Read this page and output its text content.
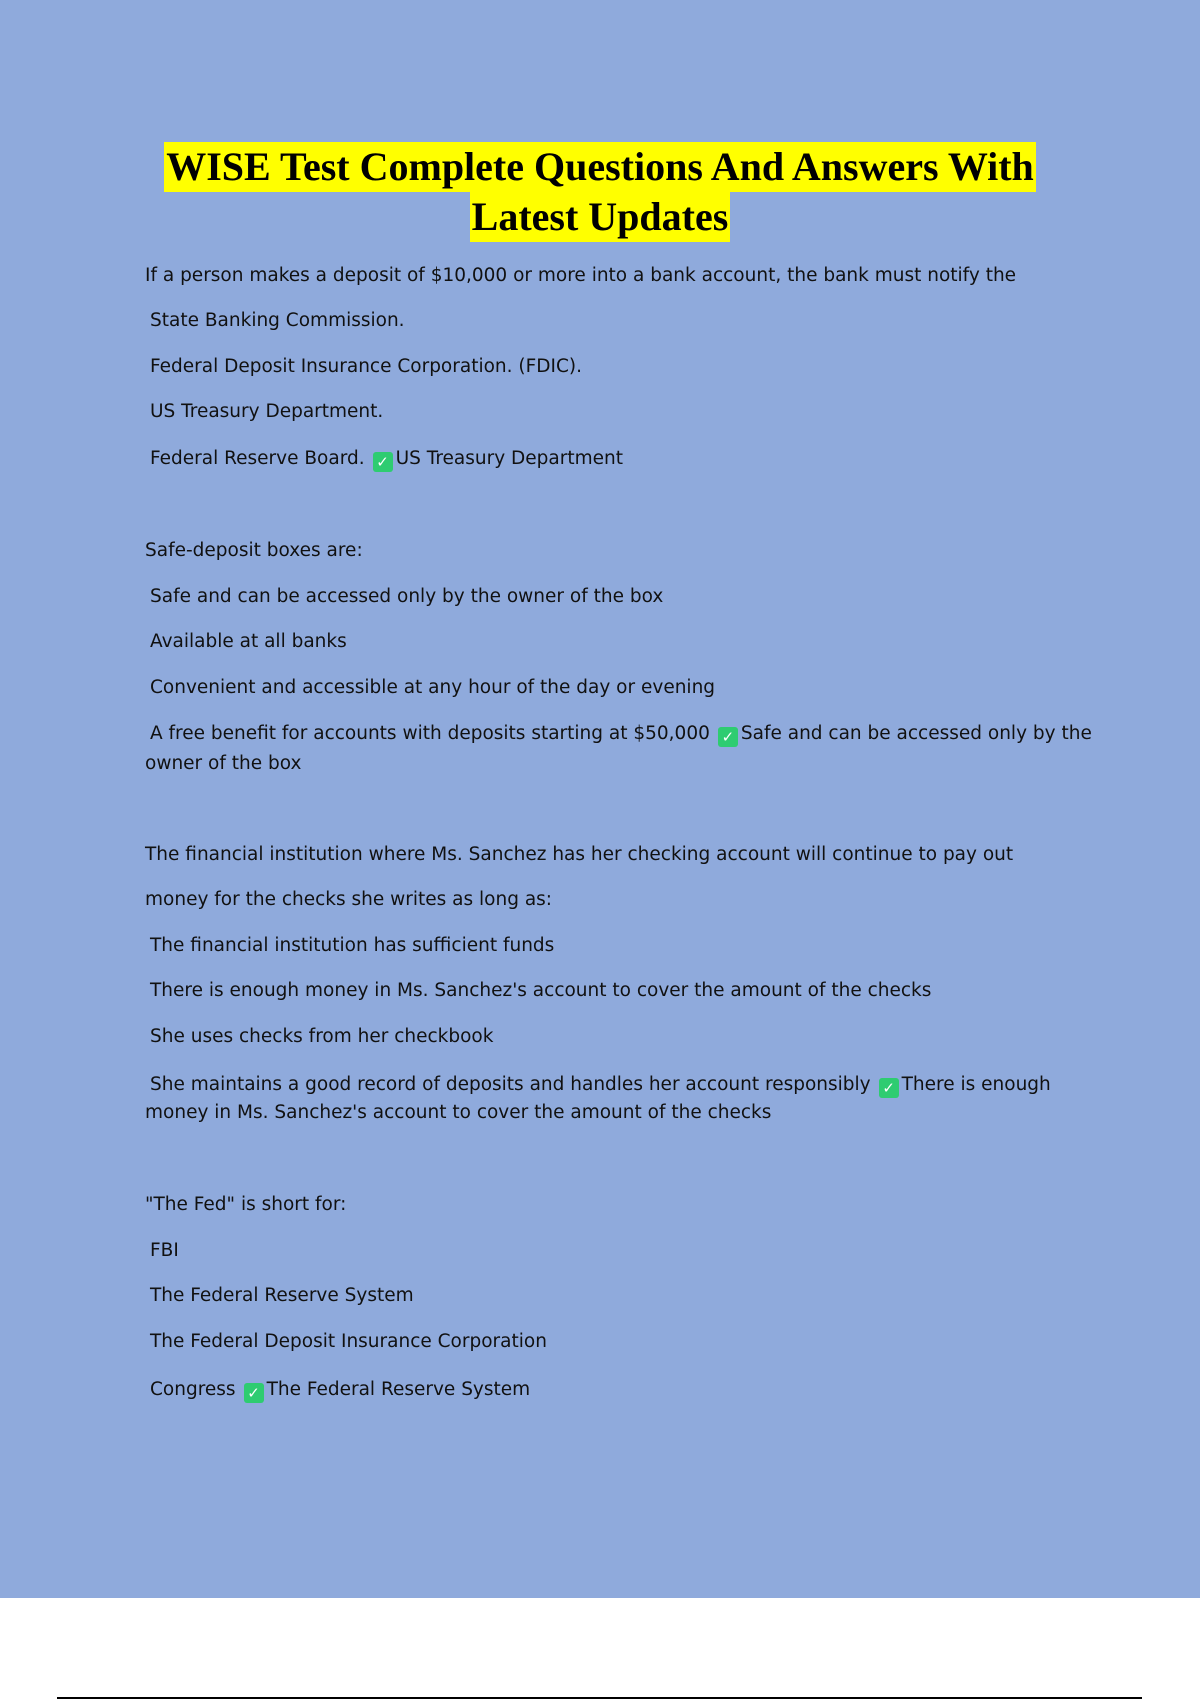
WISE Test Complete Questions And Answers With
Latest Updates
If a person makes a deposit of $10,000 or more into a bank account, the bank must notify the
State Banking Commission.
Federal Deposit Insurance Corporation. (FDIC).
US Treasury Department.
Federal Reserve Board. ✓ US Treasury Department
Safe-deposit boxes are:
Safe and can be accessed only by the owner of the box
Available at all banks
Convenient and accessible at any hour of the day or evening
A free benefit for accounts with deposits starting at $50,000 ✓ Safe and can be accessed only by the
owner of the box
The financial institution where Ms. Sanchez has her checking account will continue to pay out
money for the checks she writes as long as:
The financial institution has sufficient funds
There is enough money in Ms. Sanchez's account to cover the amount of the checks
She uses checks from her checkbook
She maintains a good record of deposits and handles her account responsibly ✓ There is enough
money in Ms. Sanchez's account to cover the amount of the checks
"The Fed" is short for:
FBI
The Federal Reserve System
The Federal Deposit Insurance Corporation
Congress ✓ The Federal Reserve System
